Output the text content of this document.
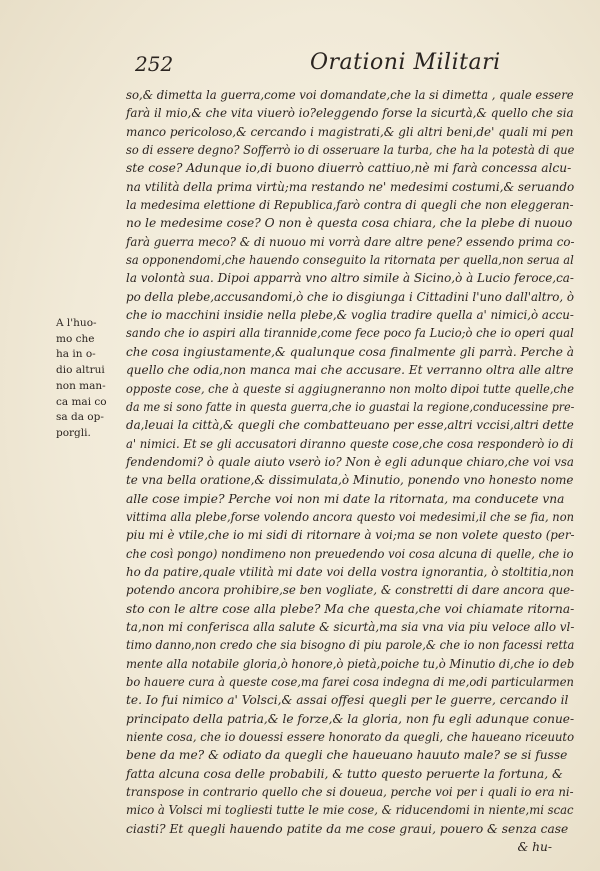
252	Orationi Militari
A l'huo-
mo che
ha in o-
dio altrui
non man-
ca mai co
sa da op-
porgli.
so,& dimetta la guerra,come voi domandate,che la si dimetta , quale essere
farà il mio,& che vita viuerò io?eleggendo forse la sicurtà,& quello che sia
manco pericoloso,& cercando i magistrati,& gli altri beni,de' quali mi pen
so di essere degno? Sofferrò io di osseruare la turba, che ha la potestà di que
ste cose? Adunque io,di buono diuerrò cattiuo,nè mi farà concessa alcu-
na vtilità della prima virtù;ma restando ne' medesimi costumi,& seruando
la medesima elettione di Republica,farò contra di quegli che non eleggeran-
no le medesime cose? O non è questa cosa chiara, che la plebe di nuouo
farà guerra meco? & di nuouo mi vorrà dare altre pene? essendo prima co-
sa opponendomi,che hauendo conseguito la ritornata per quella,non serua al
la volontà sua. Dipoi apparrà vno altro simile à Sicino,ò à Lucio feroce,ca-
po della plebe,accusandomi,ò che io disgiunga i Cittadini l'uno dall'altro, ò
che io macchini insidie nella plebe,& voglia tradire quella a' nimici,ò accu-
sando che io aspiri alla tirannide,come fece poco fa Lucio;ò che io operi qual
che cosa ingiustamente,& qualunque cosa finalmente gli parrà. Perche à
quello che odia,non manca mai che accusare. Et verranno oltra alle altre
opposte cose, che à queste si aggiugneranno non molto dipoi tutte quelle,che
da me si sono fatte in questa guerra,che io guastai la regione,conducessine pre-
da,leuai la città,& quegli che combatteuano per esse,altri vccisi,altri dette
a' nimici. Et se gli accusatori diranno queste cose,che cosa responderò io di
fendendomi? ò quale aiuto vserò io? Non è egli adunque chiaro,che voi vsa
te vna bella oratione,& dissimulata,ò Minutio, ponendo vno honesto nome
alle cose impie? Perche voi non mi date la ritornata, ma conducete vna
vittima alla plebe,forse volendo ancora questo voi medesimi,il che se fia, non
piu mi è vtile,che io mi sidi di ritornare à voi;ma se non volete questo (per-
che così pongo) nondimeno non preuedendo voi cosa alcuna di quelle, che io
ho da patire,quale vtilità mi date voi della vostra ignorantia, ò stoltitia,non
potendo ancora prohibire,se ben vogliate, & constretti di dare ancora que-
sto con le altre cose alla plebe? Ma che questa,che voi chiamate ritorna-
ta,non mi conferisca alla salute & sicurtà,ma sia vna via piu veloce allo vl-
timo danno,non credo che sia bisogno di piu parole,& che io non facessi retta
mente alla notabile gloria,ò honore,ò pietà,poiche tu,ò Minutio di,che io deb
bo hauere cura à queste cose,ma farei cosa indegna di me,odi particularmen
te. Io fui nimico a' Volsci,& assai offesi quegli per le guerre, cercando il
principato della patria,& le forze,& la gloria, non fu egli adunque conue-
niente cosa, che io douessi essere honorato da quegli, che haueano riceuuto
bene da me? & odiato da quegli che haueuano hauuto male? se si fusse
fatta alcuna cosa delle probabili, & tutto questo peruerte la fortuna, &
transpose in contrario quello che si doueua, perche voi per i quali io era ni-
mico à Volsci mi togliesti tutte le mie cose, & riducendomi in niente,mi scac
ciasti? Et quegli hauendo patite da me cose graui, pouero & senza case
& hu-
